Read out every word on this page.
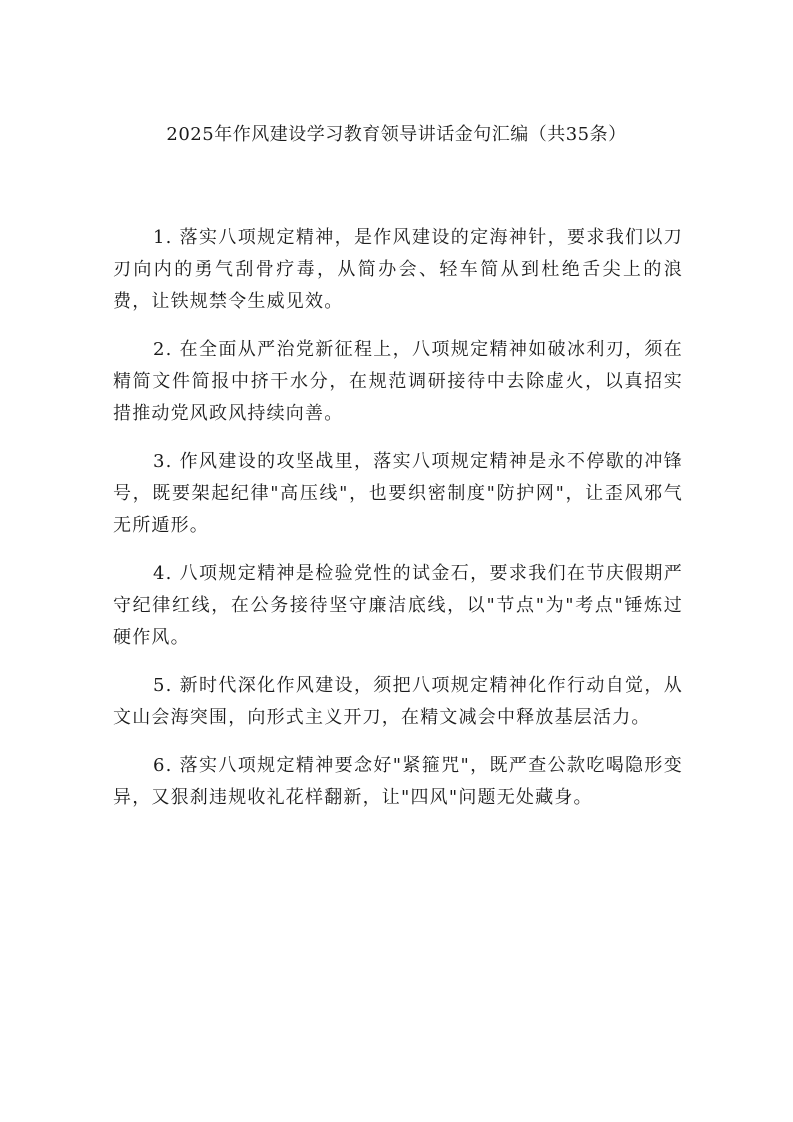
2025年作风建设学习教育领导讲话金句汇编（共35条）

1. 落实八项规定精神，是作风建设的定海神针，要求我们以刀刃向内的勇气刮骨疗毒，从简办会、轻车简从到杜绝舌尖上的浪费，让铁规禁令生威见效。

2. 在全面从严治党新征程上，八项规定精神如破冰利刃，须在精简文件简报中挤干水分，在规范调研接待中去除虚火，以真招实措推动党风政风持续向善。

3. 作风建设的攻坚战里，落实八项规定精神是永不停歇的冲锋号，既要架起纪律"高压线"，也要织密制度"防护网"，让歪风邪气无所遁形。

4. 八项规定精神是检验党性的试金石，要求我们在节庆假期严守纪律红线，在公务接待坚守廉洁底线，以"节点"为"考点"锤炼过硬作风。

5. 新时代深化作风建设，须把八项规定精神化作行动自觉，从文山会海突围，向形式主义开刀，在精文减会中释放基层活力。

6. 落实八项规定精神要念好"紧箍咒"，既严查公款吃喝隐形变异，又狠刹违规收礼花样翻新，让"四风"问题无处藏身。
